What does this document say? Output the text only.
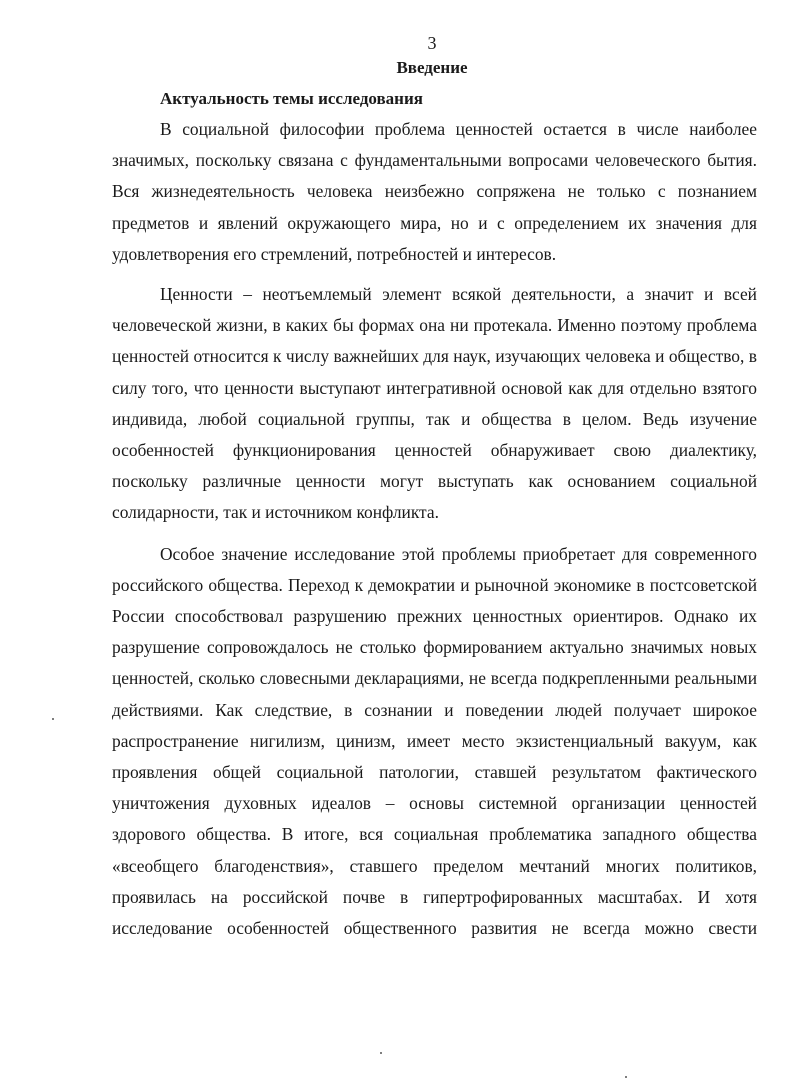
3
Введение
Актуальность темы исследования

В социальной философии проблема ценностей остается в числе наиболее значимых, поскольку связана с фундаментальными вопросами человеческого бытия. Вся жизнедеятельность человека неизбежно сопряжена не только с познанием предметов и явлений окружающего мира, но и с определением их значения для удовлетворения его стремлений, потребностей и интересов.

Ценности – неотъемлемый элемент всякой деятельности, а значит и всей человеческой жизни, в каких бы формах она ни протекала. Именно поэтому проблема ценностей относится к числу важнейших для наук, изучающих человека и общество, в силу того, что ценности выступают интегративной основой как для отдельно взятого индивида, любой социальной группы, так и общества в целом. Ведь изучение особенностей функционирования ценностей обнаруживает свою диалектику, поскольку различные ценности могут выступать как основанием социальной солидарности, так и источником конфликта.

Особое значение исследование этой проблемы приобретает для современного российского общества. Переход к демократии и рыночной экономике в постсоветской России способствовал разрушению прежних ценностных ориентиров. Однако их разрушение сопровождалось не столько формированием актуально значимых новых ценностей, сколько словесными декларациями, не всегда подкрепленными реальными действиями. Как следствие, в сознании и поведении людей получает широкое распространение нигилизм, цинизм, имеет место экзистенциальный вакуум, как проявления общей социальной патологии, ставшей результатом фактического уничтожения духовных идеалов – основы системной организации ценностей здорового общества. В итоге, вся социальная проблематика западного общества «всеобщего благоденствия», ставшего пределом мечтаний многих политиков, проявилась на российской почве в гипертрофированных масштабах. И хотя исследование особенностей общественного развития не всегда можно свести
